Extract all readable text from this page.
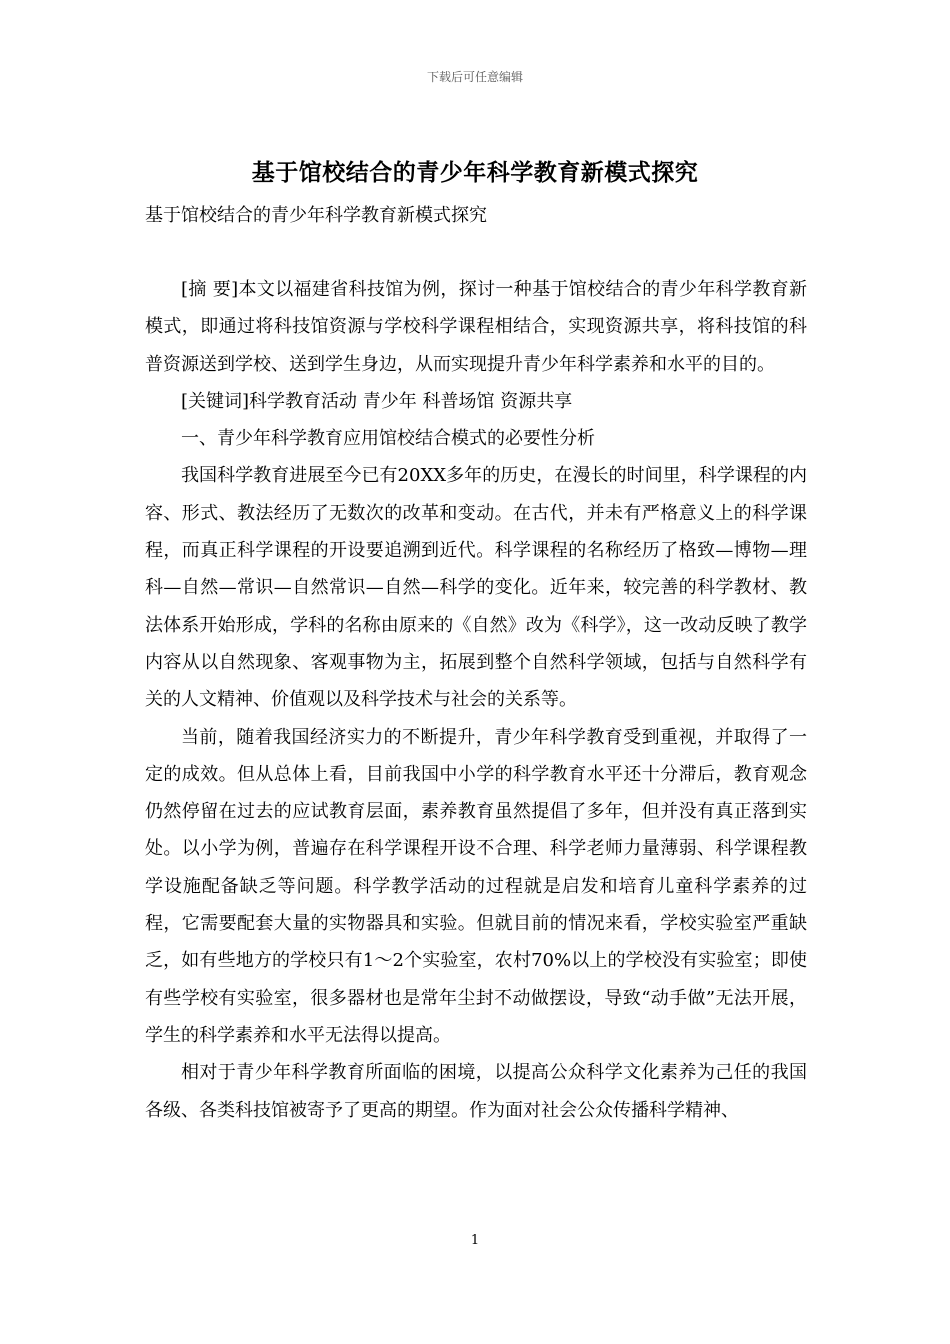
下载后可任意编辑
基于馆校结合的青少年科学教育新模式探究
基于馆校结合的青少年科学教育新模式探究

[摘 要]本文以福建省科技馆为例，探讨一种基于馆校结合的青少年科学教育新模式，即通过将科技馆资源与学校科学课程相结合，实现资源共享，将科技馆的科普资源送到学校、送到学生身边，从而实现提升青少年科学素养和水平的目的。

[关键词]科学教育活动 青少年 科普场馆 资源共享

一、青少年科学教育应用馆校结合模式的必要性分析

我国科学教育进展至今已有20XX多年的历史，在漫长的时间里，科学课程的内容、形式、教法经历了无数次的改革和变动。在古代，并未有严格意义上的科学课程，而真正科学课程的开设要追溯到近代。科学课程的名称经历了格致—博物—理科—自然—常识—自然常识—自然—科学的变化。近年来，较完善的科学教材、教法体系开始形成，学科的名称由原来的《自然》改为《科学》，这一改动反映了教学内容从以自然现象、客观事物为主，拓展到整个自然科学领域，包括与自然科学有关的人文精神、价值观以及科学技术与社会的关系等。

当前，随着我国经济实力的不断提升，青少年科学教育受到重视，并取得了一定的成效。但从总体上看，目前我国中小学的科学教育水平还十分滞后，教育观念仍然停留在过去的应试教育层面，素养教育虽然提倡了多年，但并没有真正落到实处。以小学为例，普遍存在科学课程开设不合理、科学老师力量薄弱、科学课程教学设施配备缺乏等问题。科学教学活动的过程就是启发和培育儿童科学素养的过程，它需要配套大量的实物器具和实验。但就目前的情况来看，学校实验室严重缺乏，如有些地方的学校只有1～2个实验室，农村70%以上的学校没有实验室；即使有些学校有实验室，很多器材也是常年尘封不动做摆设，导致“动手做”无法开展，学生的科学素养和水平无法得以提高。

相对于青少年科学教育所面临的困境，以提高公众科学文化素养为己任的我国各级、各类科技馆被寄予了更高的期望。作为面对社会公众传播科学精神、

1
